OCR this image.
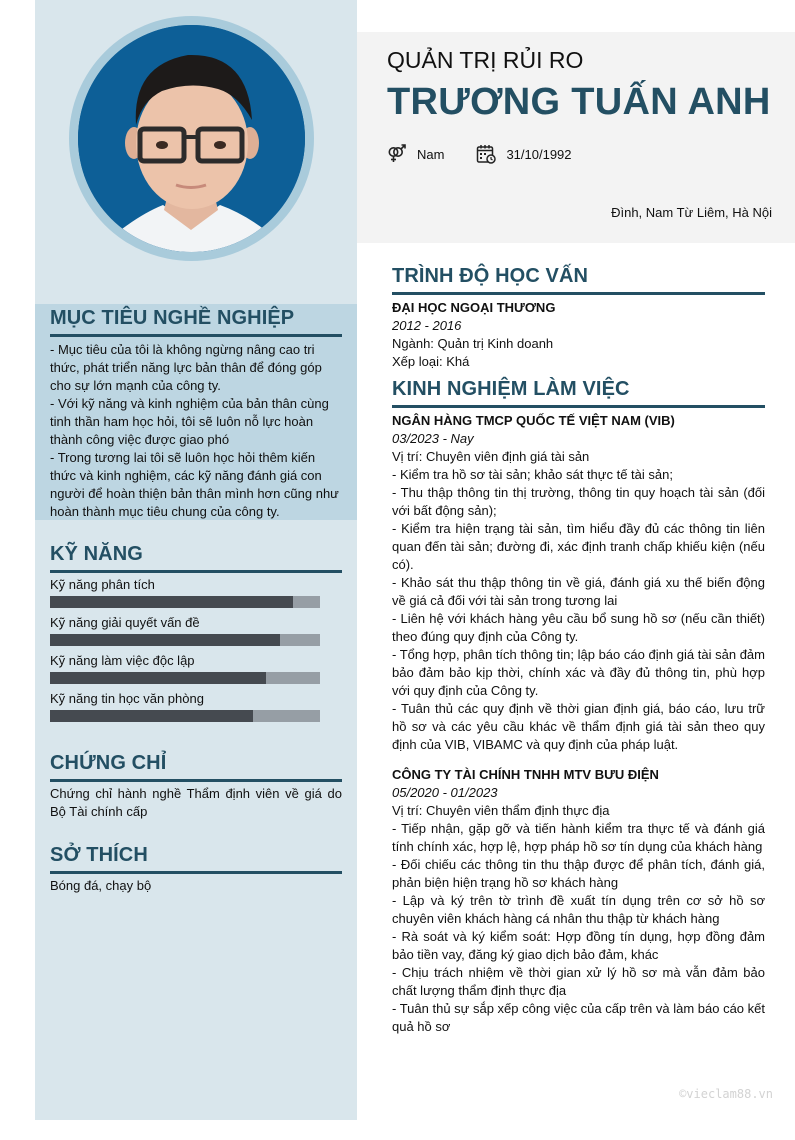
MỤC TIÊU NGHỀ NGHIỆP
- Mục tiêu của tôi là không ngừng nâng cao tri thức, phát triển năng lực bản thân để đóng góp cho sự lớn mạnh của công ty.
- Với kỹ năng và kinh nghiệm của bản thân cùng tinh thần ham học hỏi, tôi sẽ luôn nỗ lực hoàn thành công việc được giao phó
- Trong tương lai tôi sẽ luôn học hỏi thêm kiến thức và kinh nghiệm, các kỹ năng đánh giá con người để hoàn thiện bản thân mình hơn cũng như hoàn thành mục tiêu chung của công ty.
KỸ NĂNG
Kỹ năng phân tích
Kỹ năng giải quyết vấn đề
Kỹ năng làm việc độc lập
Kỹ năng tin học văn phòng
CHỨNG CHỈ
Chứng chỉ hành nghề Thẩm định viên về giá do Bộ Tài chính cấp
SỞ THÍCH
Bóng đá, chạy bộ
QUẢN TRỊ RỦI RO
TRƯƠNG TUẤN ANH
Nam	31/10/1992
Đình, Nam Từ Liêm, Hà Nội
TRÌNH ĐỘ HỌC VẤN
ĐẠI HỌC NGOẠI THƯƠNG
2012 - 2016
Ngành: Quản trị Kinh doanh
Xếp loại: Khá
KINH NGHIỆM LÀM VIỆC
NGÂN HÀNG TMCP QUỐC TẾ VIỆT NAM (VIB)
03/2023 - Nay
Vị trí: Chuyên viên định giá tài sản
- Kiểm tra hồ sơ tài sản; khảo sát thực tế tài sản;
- Thu thập thông tin thị trường, thông tin quy hoạch tài sản (đối với bất động sản);
- Kiểm tra hiện trạng tài sản, tìm hiểu đầy đủ các thông tin liên quan đến tài sản; đường đi, xác định tranh chấp khiếu kiện (nếu có).
- Khảo sát thu thập thông tin về giá, đánh giá xu thế biến động về giá cả đối với tài sản trong tương lai
- Liên hệ với khách hàng yêu cầu bổ sung hồ sơ (nếu cần thiết) theo đúng quy định của Công ty.
- Tổng hợp, phân tích thông tin; lập báo cáo định giá tài sản đảm bảo đảm bảo kịp thời, chính xác và đầy đủ thông tin, phù hợp với quy định của Công ty.
- Tuân thủ các quy định về thời gian định giá, báo cáo, lưu trữ hồ sơ và các yêu cầu khác về thẩm định giá tài sản theo quy định của VIB, VIBAMC và quy định của pháp luật.
CÔNG TY TÀI CHÍNH TNHH MTV BƯU ĐIỆN
05/2020 - 01/2023
Vị trí: Chuyên viên thẩm định thực địa
- Tiếp nhận, gặp gỡ và tiến hành kiểm tra thực tế và đánh giá tính chính xác, hợp lệ, hợp pháp hồ sơ tín dụng của khách hàng
- Đối chiếu các thông tin thu thập được để phân tích, đánh giá, phản biện hiện trạng hồ sơ khách hàng
- Lập và ký trên tờ trình đề xuất tín dụng trên cơ sở hồ sơ chuyên viên khách hàng cá nhân thu thập từ khách hàng
- Rà soát và ký kiểm soát: Hợp đồng tín dụng, hợp đồng đảm bảo tiền vay, đăng ký giao dịch bảo đảm, khác
- Chịu trách nhiệm về thời gian xử lý hồ sơ mà vẫn đảm bảo chất lượng thẩm định thực địa
- Tuân thủ sự sắp xếp công việc của cấp trên và làm báo cáo kết quả hồ sơ
©vieclam88.vn
